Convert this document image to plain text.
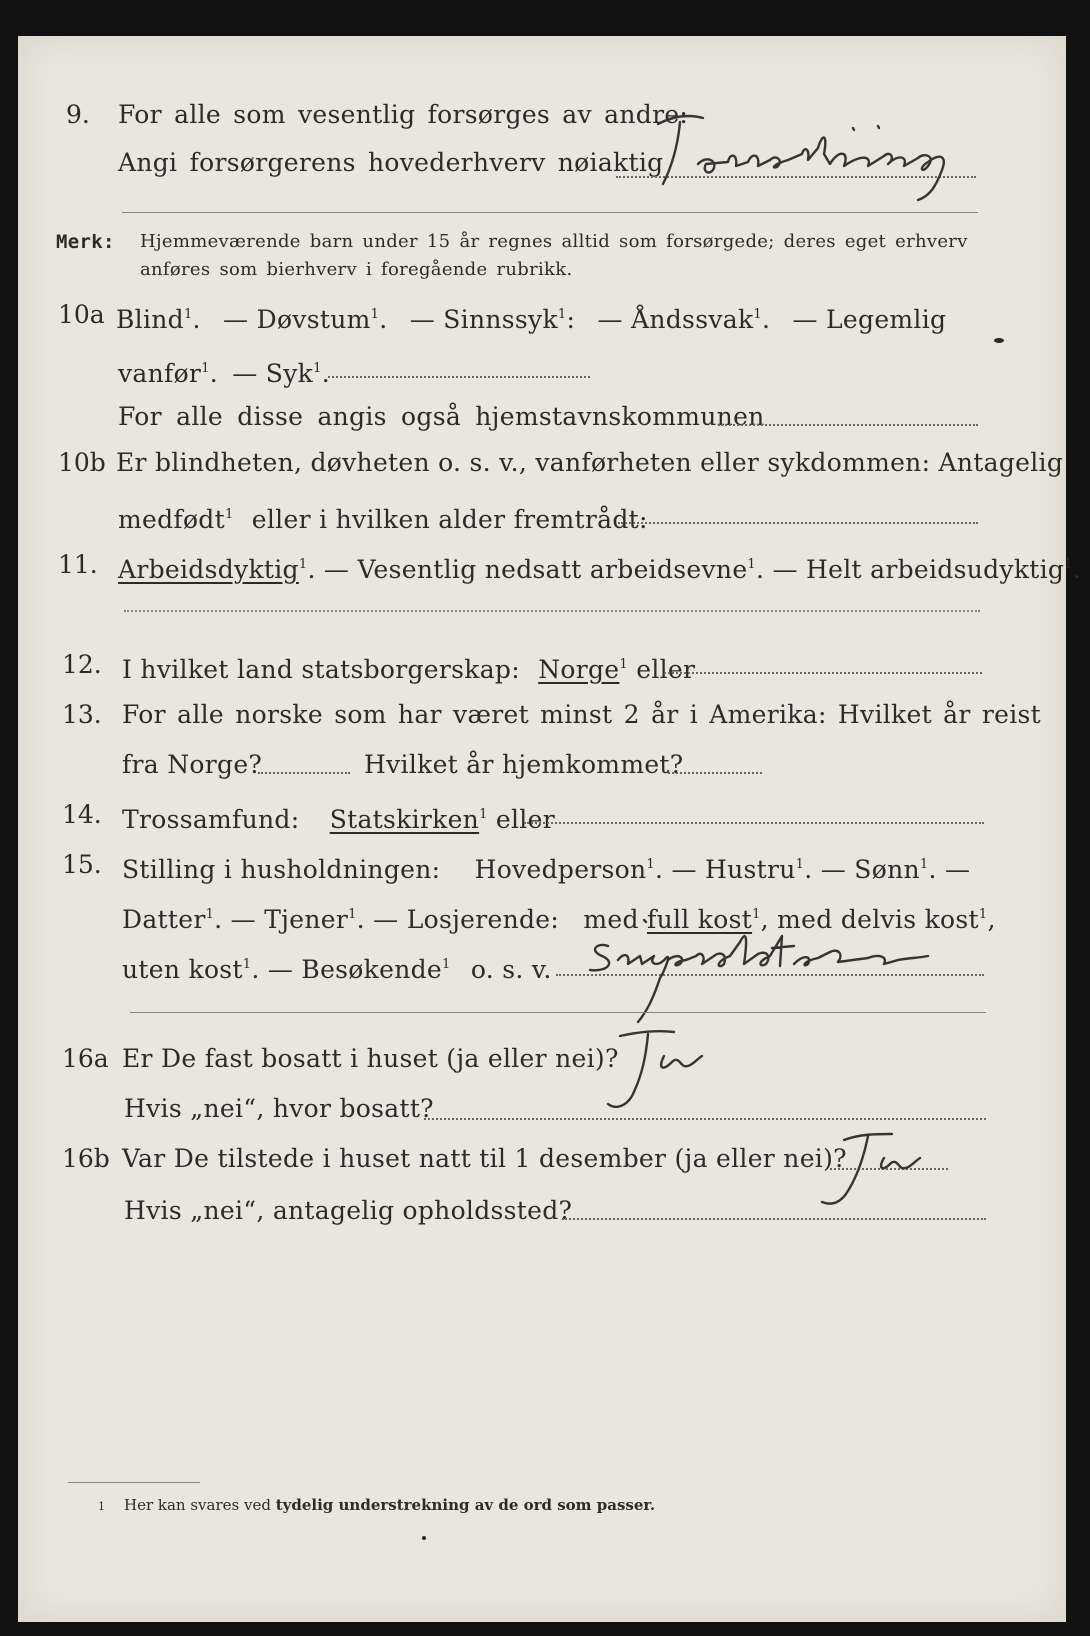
9. For alle som vesentlig forsørges av andre:
Angi forsørgerens hovederhverv nøiaktig
Merk: Hjemmeværende barn under 15 år regnes alltid som forsørgede; deres eget erhverv
anføres som bierhverv i foregående rubrikk.
10a Blind$^1$. — Døvstum$^1$. — Sinnssyk$^1$: — Åndssvak$^1$. — Legemlig
vanfør$^1$. — Syk$^1$.
For alle disse angis også hjemstavnskommunen
10b Er blindheten, døvheten o. s. v., vanførheten eller sykdommen: Antagelig
medfødt$^1$ eller i hvilken alder fremtrådt:
11. Arbeidsdyktig$^1$. — Vesentlig nedsatt arbeidsevne$^1$. — Helt arbeidsudyktig$^1$.
12. I hvilket land statsborgerskap: Norge$^1$ eller
13. For alle norske som har været minst 2 år i Amerika: Hvilket år reist
fra Norge?	Hvilket år hjemkommet?
14. Trossamfund: Statskirken$^1$ eller
15. Stilling i husholdningen: Hovedperson$^1$. — Hustru$^1$. — Sønn$^1$. —
Datter$^1$. — Tjener$^1$. — Losjerende: med full kost$^1$, med delvis kost$^1$,
uten kost$^1$. — Besøkende$^1$ o. s. v.
16a Er De fast bosatt i huset (ja eller nei)?
Hvis „nei“, hvor bosatt?
16b Var De tilstede i huset natt til 1 desember (ja eller nei)?
Hvis „nei“, antagelig opholdssted?
1 Her kan svares ved tydelig understrekning av de ord som passer.
